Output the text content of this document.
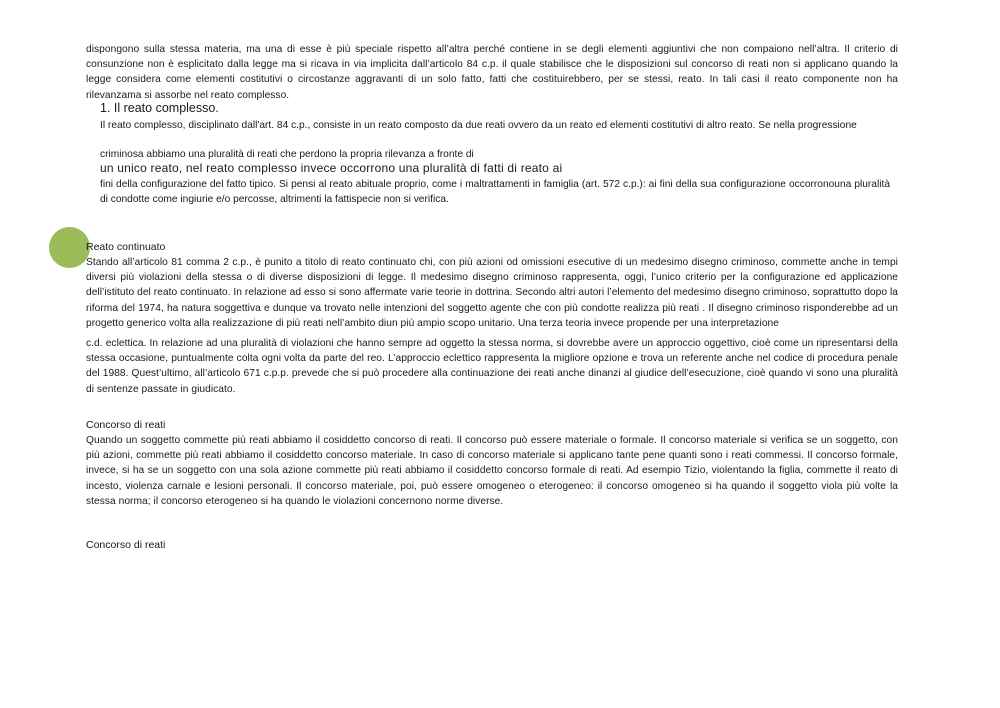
dispongono sulla stessa materia, ma una di esse è più speciale rispetto all’altra perché contiene in se degli elementi aggiuntivi che non compaiono nell’altra. Il criterio di consunzione non è esplicitato dalla legge ma si ricava in via implicita dall’articolo 84 c.p. il quale stabilisce che le disposizioni sul concorso di reati non si applicano quando la legge considera come elementi costitutivi o circostanze aggravanti di un solo fatto, fatti che costituirebbero, per se stessi, reato. In tali casi il reato componente non ha rilevanzama si assorbe nel reato complesso.

1. Il reato complesso.

Il reato complesso, disciplinato dall'art. 84 c.p., consiste in un reato composto da due reati ovvero da un reato ed elementi costitutivi di altro reato. Se nella progressione

criminosa abbiamo una pluralità di reati che perdono la propria rilevanza a fronte di

un unico reato, nel reato complesso invece occorrono una pluralità di fatti di reato ai

fini della configurazione del fatto tipico. Si pensi al reato abituale proprio, come i maltrattamenti in famiglia (art. 572 c.p.): ai fini della sua configurazione occorronouna pluralità di condotte come ingiurie e/o percosse, altrimenti la fattispecie non si verifica.

Reato continuato

Stando all’articolo 81 comma 2 c.p., è punito a titolo di reato continuato chi, con più azioni od omissioni esecutive di un medesimo disegno criminoso, commette anche in tempi diversi più violazioni della stessa o di diverse disposizioni di legge. Il medesimo disegno criminoso rappresenta, oggi, l’unico criterio per la configurazione ed applicazione dell’istituto del reato continuato. In relazione ad esso si sono affermate varie teorie in dottrina. Secondo altri autori l’elemento del medesimo disegno criminoso, soprattutto dopo la riforma del 1974, ha natura soggettiva e dunque va trovato nelle intenzioni del soggetto agente che con più condotte realizza più reati . Il disegno criminoso risponderebbe ad un progetto generico volta alla realizzazione di più reati nell’ambito diun più ampio scopo unitario. Una terza teoria invece propende per una interpretazione

c.d. eclettica. In relazione ad una pluralità di violazioni che hanno sempre ad oggetto la stessa norma, si dovrebbe avere un approccio oggettivo, cioè come un ripresentarsi della stessa occasione, puntualmente colta ogni volta da parte del reo. L’approccio eclettico rappresenta la migliore opzione e trova un referente anche nel codice di procedura penale del 1988. Quest’ultimo, all’articolo 671 c.p.p. prevede che si può procedere alla continuazione dei reati anche dinanzi al giudice dell’esecuzione, cioè quando vi sono una pluralità di sentenze passate in giudicato.

Concorso di reati

Quando un soggetto commette più reati abbiamo il cosiddetto concorso di reati. Il concorso può essere materiale o formale. Il concorso materiale si verifica se un soggetto, con più azioni, commette più reati abbiamo il cosiddetto concorso materiale. In caso di concorso materiale si applicano tante pene quanti sono i reati commessi. Il concorso formale, invece, si ha se un soggetto con una sola azione commette più reati abbiamo il cosiddetto concorso formale di reati. Ad esempio Tizio, violentando la figlia, commette il reato di incesto, violenza carnale e lesioni personali. Il concorso materiale, poi, può essere omogeneo o eterogeneo: il concorso omogeneo si ha quando il soggetto viola più volte la stessa norma; il concorso eterogeneo si ha quando le violazioni concernono norme diverse.

Concorso di reati
